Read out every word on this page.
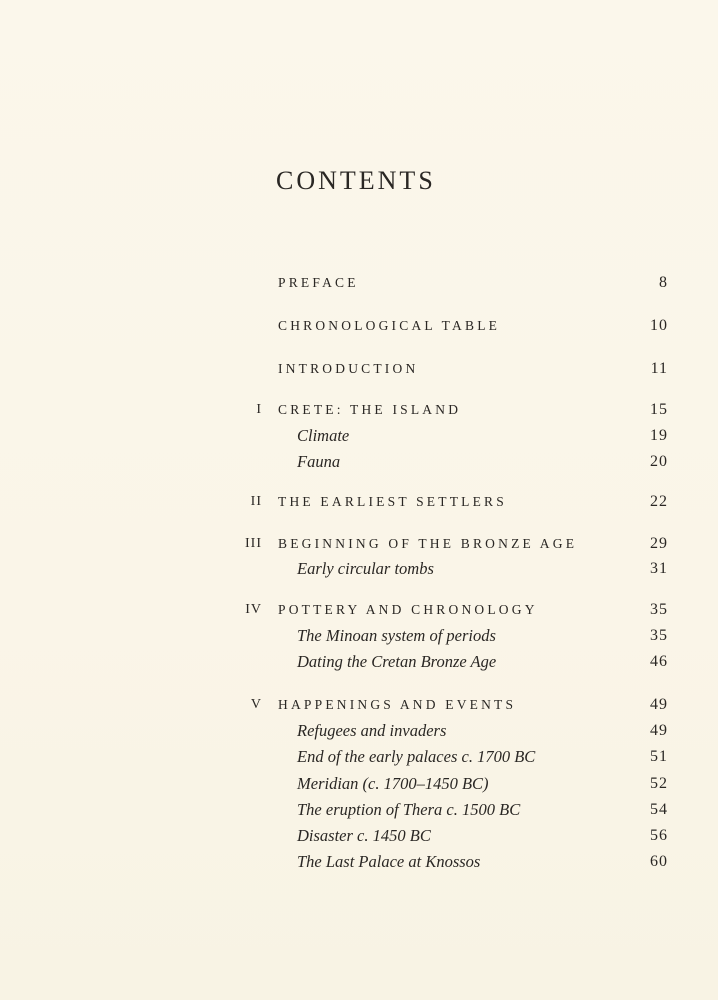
CONTENTS
PREFACE	8
CHRONOLOGICAL TABLE	10
INTRODUCTION	11
I CRETE: THE ISLAND	15
Climate	19
Fauna	20
II THE EARLIEST SETTLERS	22
III BEGINNING OF THE BRONZE AGE	29
Early circular tombs	31
IV POTTERY AND CHRONOLOGY	35
The Minoan system of periods	35
Dating the Cretan Bronze Age	46
V HAPPENINGS AND EVENTS	49
Refugees and invaders	49
End of the early palaces c. 1700 BC	51
Meridian (c. 1700–1450 BC)	52
The eruption of Thera c. 1500 BC	54
Disaster c. 1450 BC	56
The Last Palace at Knossos	60
